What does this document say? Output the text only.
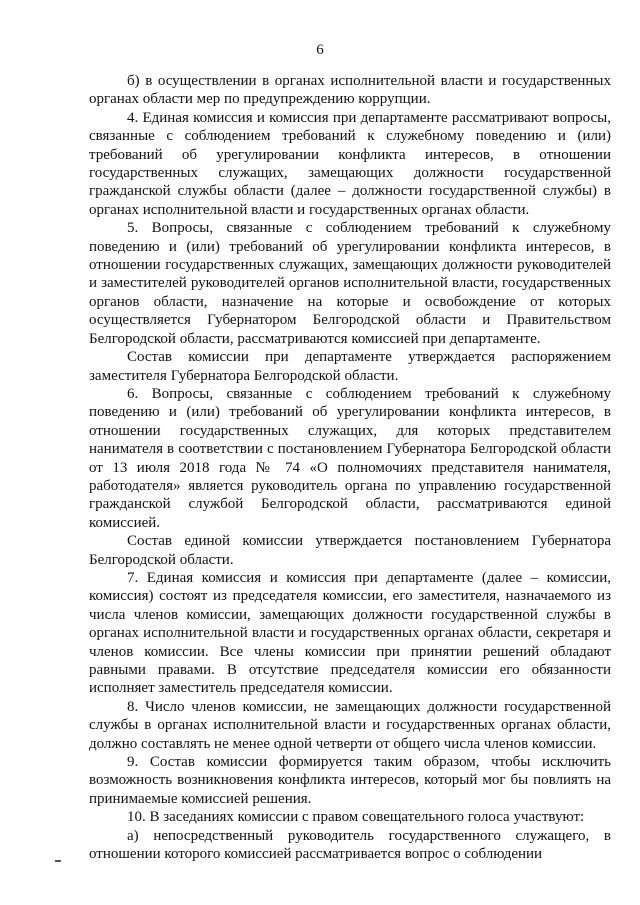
6

б) в осуществлении в органах исполнительной власти и государственных органах области мер по предупреждению коррупции.

4. Единая комиссия и комиссия при департаменте рассматривают вопросы, связанные с соблюдением требований к служебному поведению и (или) требований об урегулировании конфликта интересов, в отношении государственных служащих, замещающих должности государственной гражданской службы области (далее – должности государственной службы) в органах исполнительной власти и государственных органах области.

5. Вопросы, связанные с соблюдением требований к служебному поведению и (или) требований об урегулировании конфликта интересов, в отношении государственных служащих, замещающих должности руководителей и заместителей руководителей органов исполнительной власти, государственных органов области, назначение на которые и освобождение от которых осуществляется Губернатором Белгородской области и Правительством Белгородской области, рассматриваются комиссией при департаменте.

Состав комиссии при департаменте утверждается распоряжением заместителя Губернатора Белгородской области.

6. Вопросы, связанные с соблюдением требований к служебному поведению и (или) требований об урегулировании конфликта интересов, в отношении государственных служащих, для которых представителем нанимателя в соответствии с постановлением Губернатора Белгородской области от 13 июля 2018 года № 74 «О полномочиях представителя нанимателя, работодателя» является руководитель органа по управлению государственной гражданской службой Белгородской области, рассматриваются единой комиссией.

Состав единой комиссии утверждается постановлением Губернатора Белгородской области.

7. Единая комиссия и комиссия при департаменте (далее – комиссии, комиссия) состоят из председателя комиссии, его заместителя, назначаемого из числа членов комиссии, замещающих должности государственной службы в органах исполнительной власти и государственных органах области, секретаря и членов комиссии. Все члены комиссии при принятии решений обладают равными правами. В отсутствие председателя комиссии его обязанности исполняет заместитель председателя комиссии.

8. Число членов комиссии, не замещающих должности государственной службы в органах исполнительной власти и государственных органах области, должно составлять не менее одной четверти от общего числа членов комиссии.

9. Состав комиссии формируется таким образом, чтобы исключить возможность возникновения конфликта интересов, который мог бы повлиять на принимаемые комиссией решения.

10. В заседаниях комиссии с правом совещательного голоса участвуют:

а) непосредственный руководитель государственного служащего, в отношении которого комиссией рассматривается вопрос о соблюдении
